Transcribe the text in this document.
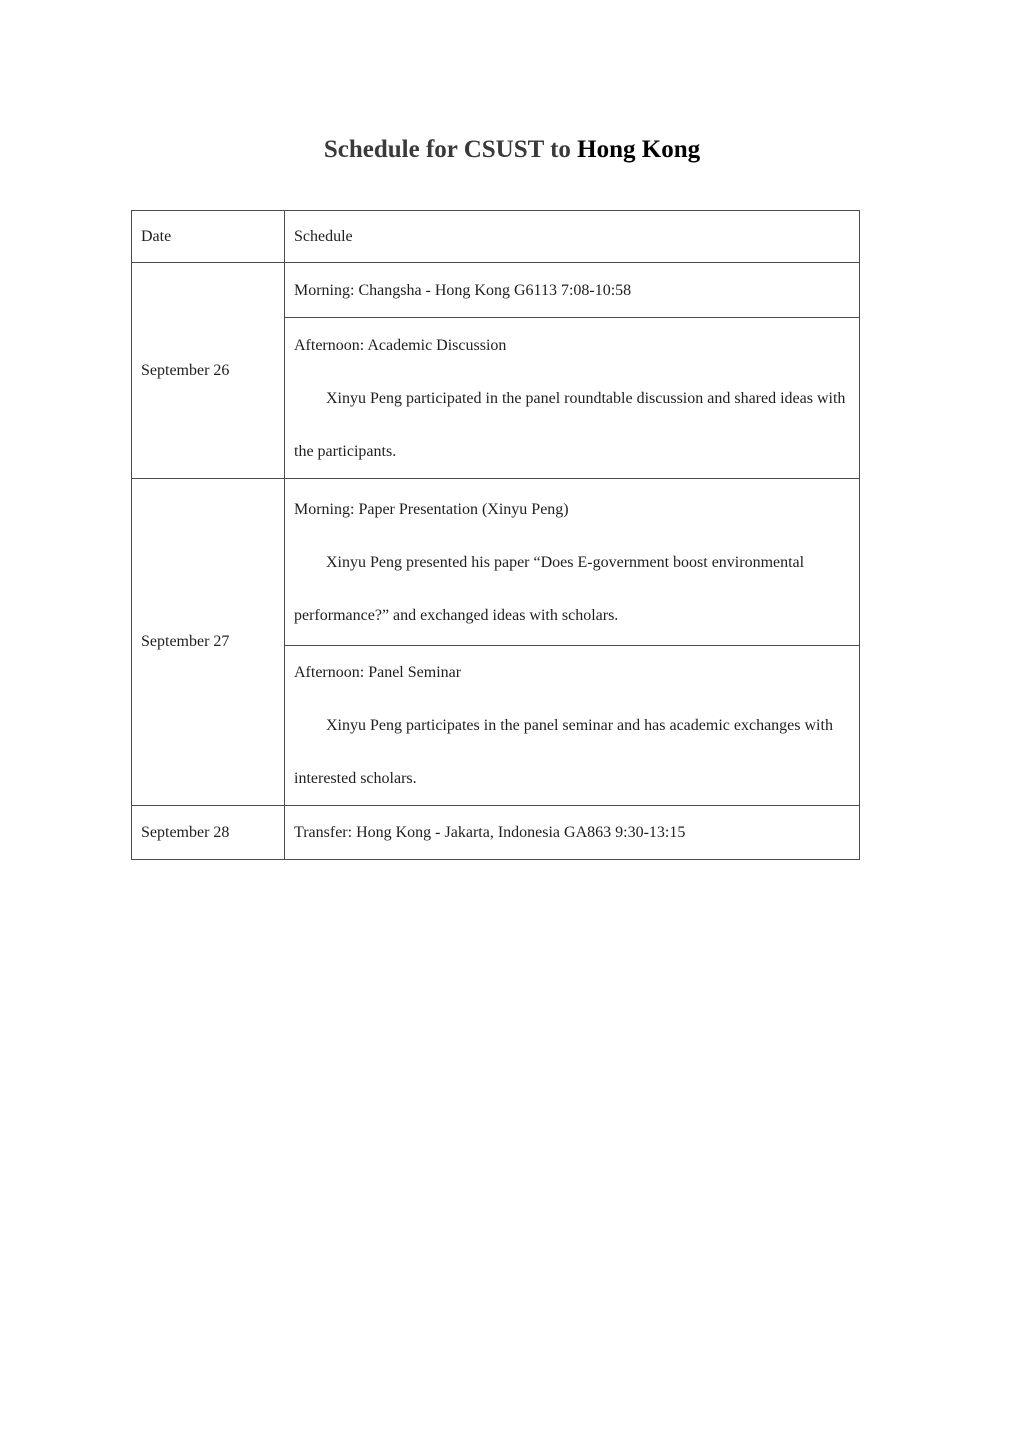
Schedule for CSUST to Hong Kong
Date	Schedule
September 26	Morning: Changsha - Hong Kong G6113 7:08-10:58

	Afternoon: Academic Discussion

Xinyu Peng participated in the panel roundtable discussion and shared ideas with the participants.

September 27	Morning: Paper Presentation (Xinyu Peng)

Xinyu Peng presented his paper “Does E-government boost environmental performance?” and exchanged ideas with scholars.

	Afternoon: Panel Seminar

Xinyu Peng participates in the panel seminar and has academic exchanges with interested scholars.

September 28	Transfer: Hong Kong - Jakarta, Indonesia GA863 9:30-13:15
